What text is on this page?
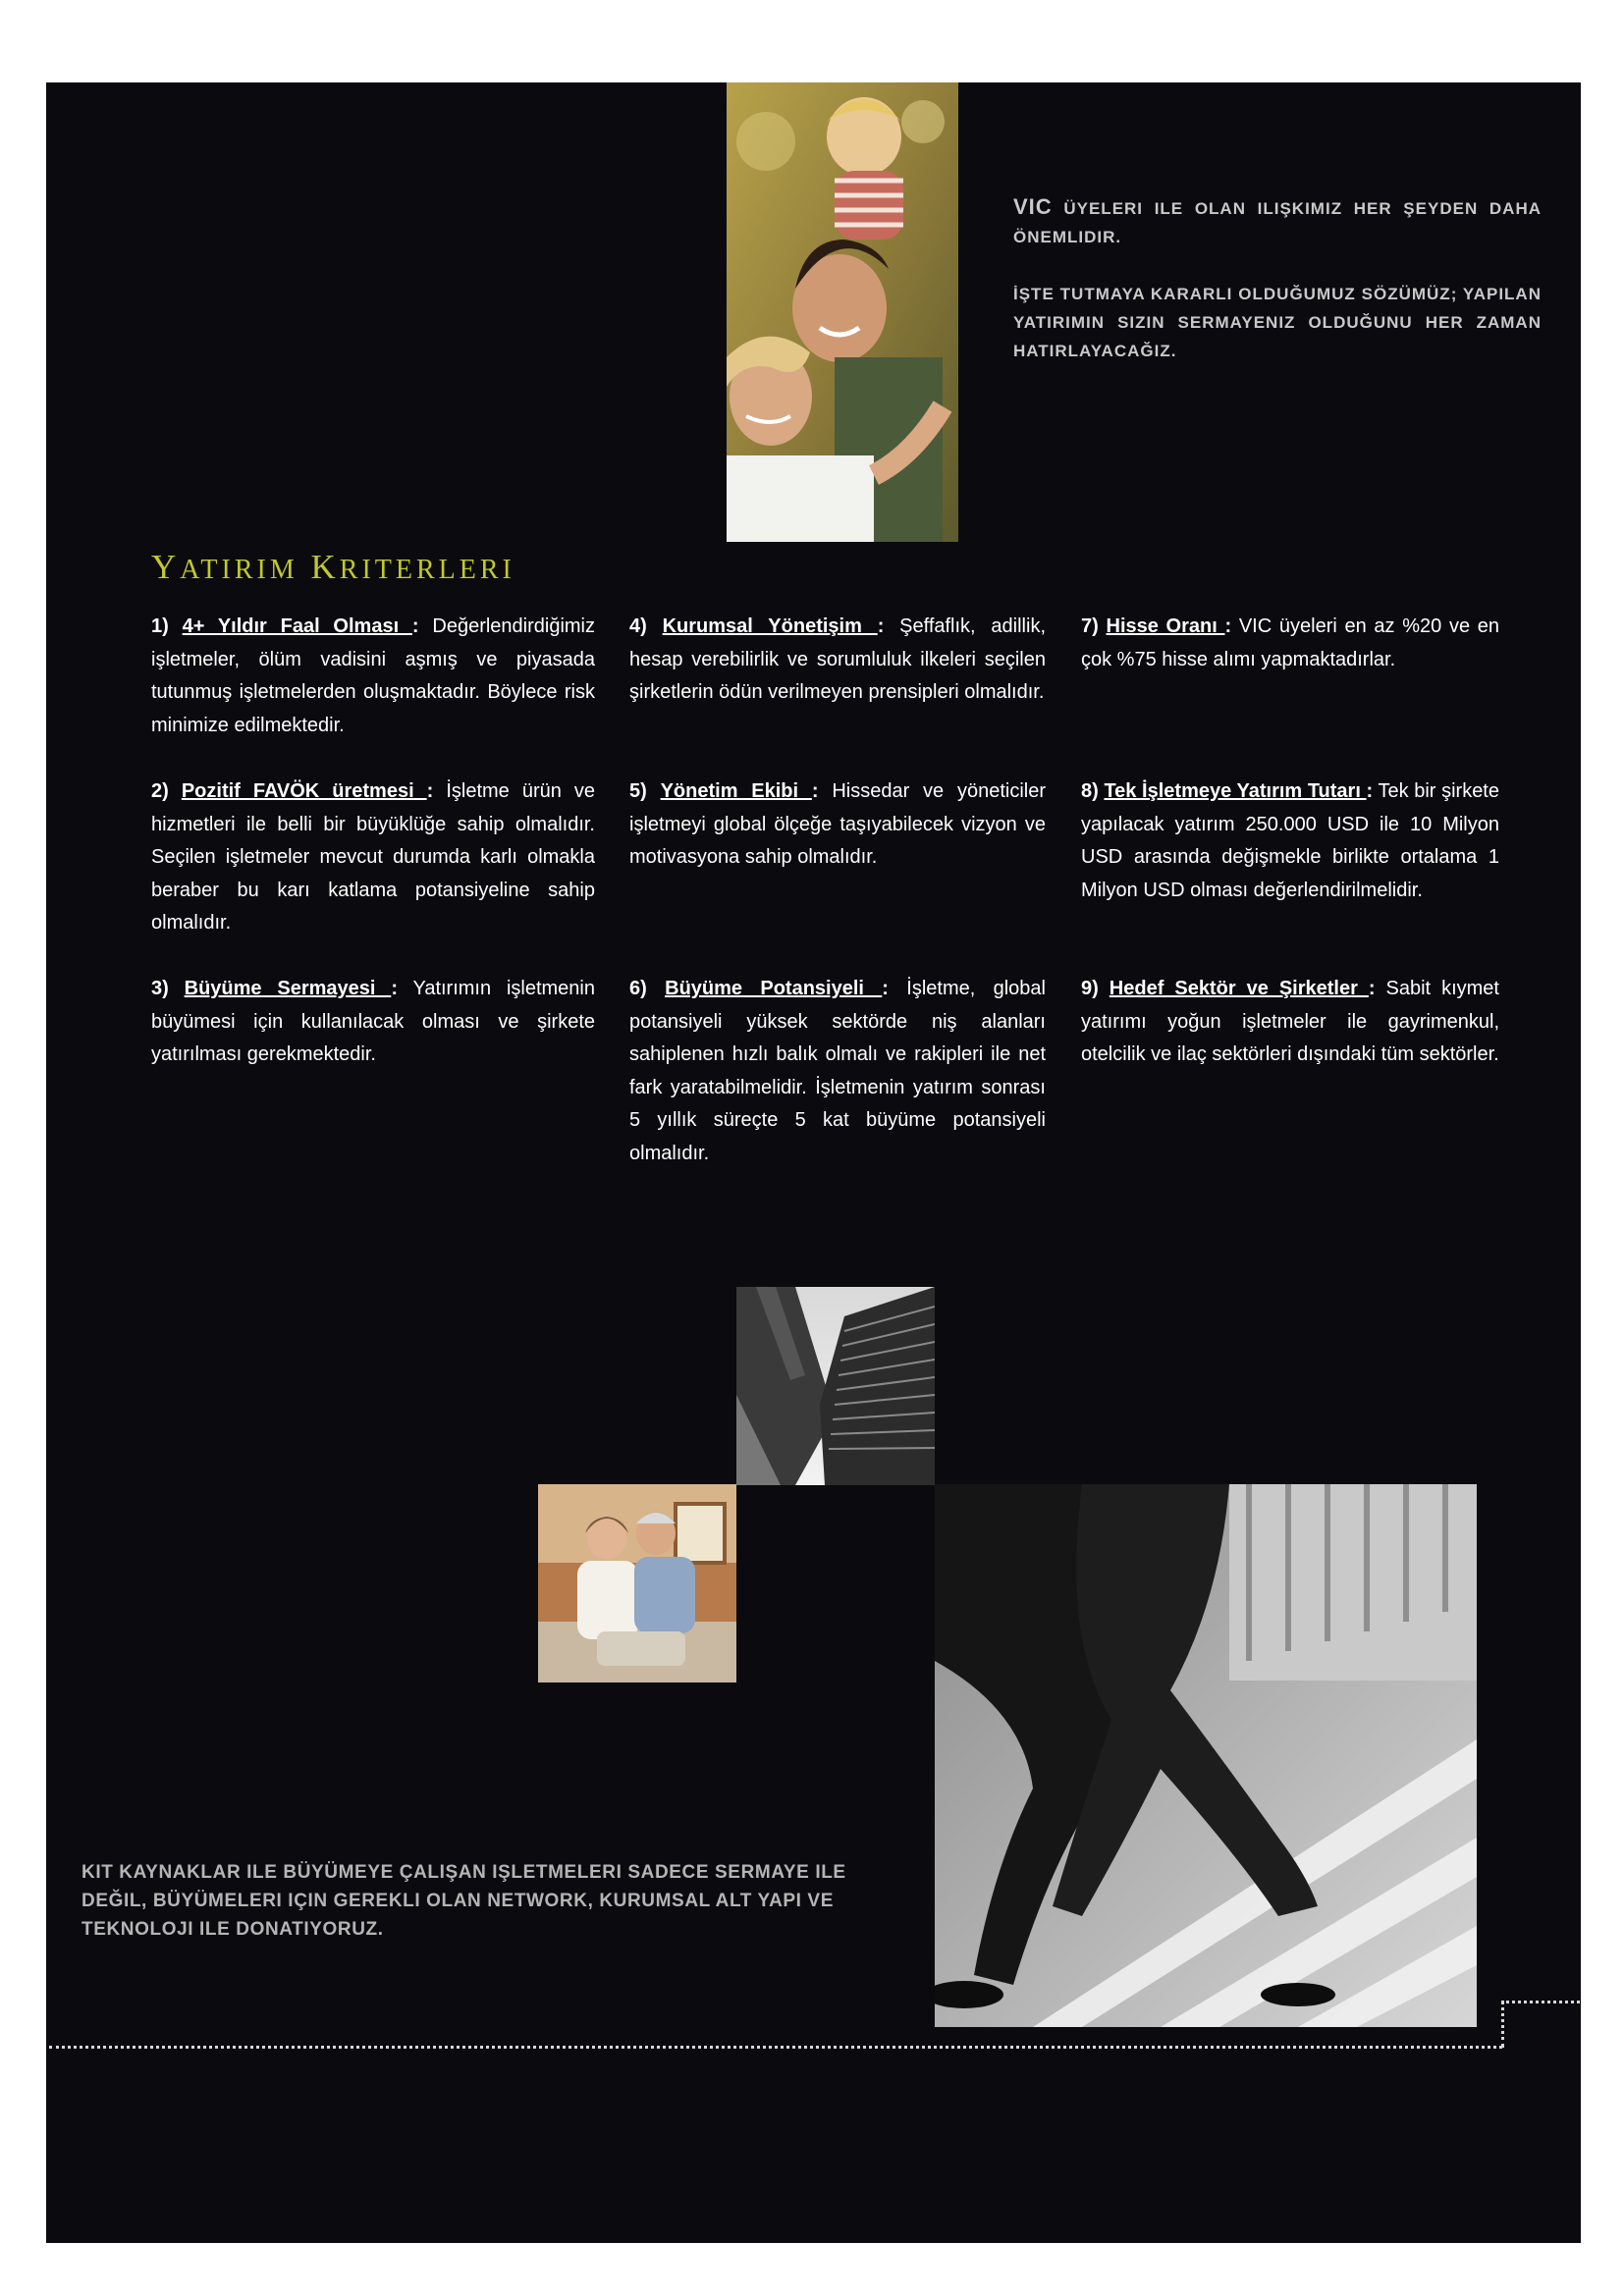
VIC ÜYELERI ILE OLAN ILIŞKIMIZ HER ŞEYDEN DAHA ÖNEMLIDIR.

İŞTE TUTMAYA KARARLI OLDUĞUMUZ SÖZÜMÜZ; YAPILAN YATIRIMIN SIZIN SERMAYENIZ OLDUĞUNU HER ZAMAN HATIRLAYACAĞIZ.

YATIRIM KRITERLERI
1) 4+ Yıldır Faal Olması : Değerlendirdiğimiz işletmeler, ölüm vadisini aşmış ve piyasada tutunmuş işletmelerden oluşmaktadır. Böylece risk minimize edilmektedir.
2) Pozitif FAVÖK üretmesi : İşletme ürün ve hizmetleri ile belli bir büyüklüğe sahip olmalıdır. Seçilen işletmeler mevcut durumda karlı olmakla beraber bu karı katlama potansiyeline sahip olmalıdır.
3) Büyüme Sermayesi : Yatırımın işletmenin büyümesi için kullanılacak olması ve şirkete yatırılması gerekmektedir.
4) Kurumsal Yönetişim : Şeffaflık, adillik, hesap verebilirlik ve sorumluluk ilkeleri seçilen şirketlerin ödün verilmeyen prensipleri olmalıdır.
5) Yönetim Ekibi : Hissedar ve yöneticiler işletmeyi global ölçeğe taşıyabilecek vizyon ve motivasyona sahip olmalıdır.
6) Büyüme Potansiyeli : İşletme, global potansiyeli yüksek sektörde niş alanları sahiplenen hızlı balık olmalı ve rakipleri ile net fark yaratabilmelidir. İşletmenin yatırım sonrası 5 yıllık süreçte 5 kat büyüme potansiyeli olmalıdır.
7) Hisse Oranı : VIC üyeleri en az %20 ve en çok %75 hisse alımı yapmaktadırlar.
8) Tek İşletmeye Yatırım Tutarı : Tek bir şirkete yapılacak yatırım 250.000 USD ile 10 Milyon USD arasında değişmekle birlikte ortalama 1 Milyon USD olması değerlendirilmelidir.
9) Hedef Sektör ve Şirketler : Sabit kıymet yatırımı yoğun işletmeler ile gayrimenkul, otelcilik ve ilaç sektörleri dışındaki tüm sektörler.

KIT KAYNAKLAR ILE BÜYÜMEYE ÇALIŞAN IŞLETMELERI SADECE SERMAYE ILE DEĞIL, BÜYÜMELERI IÇIN GEREKLI OLAN NETWORK, KURUMSAL ALT YAPI VE TEKNOLOJI ILE DONATIYORUZ.
